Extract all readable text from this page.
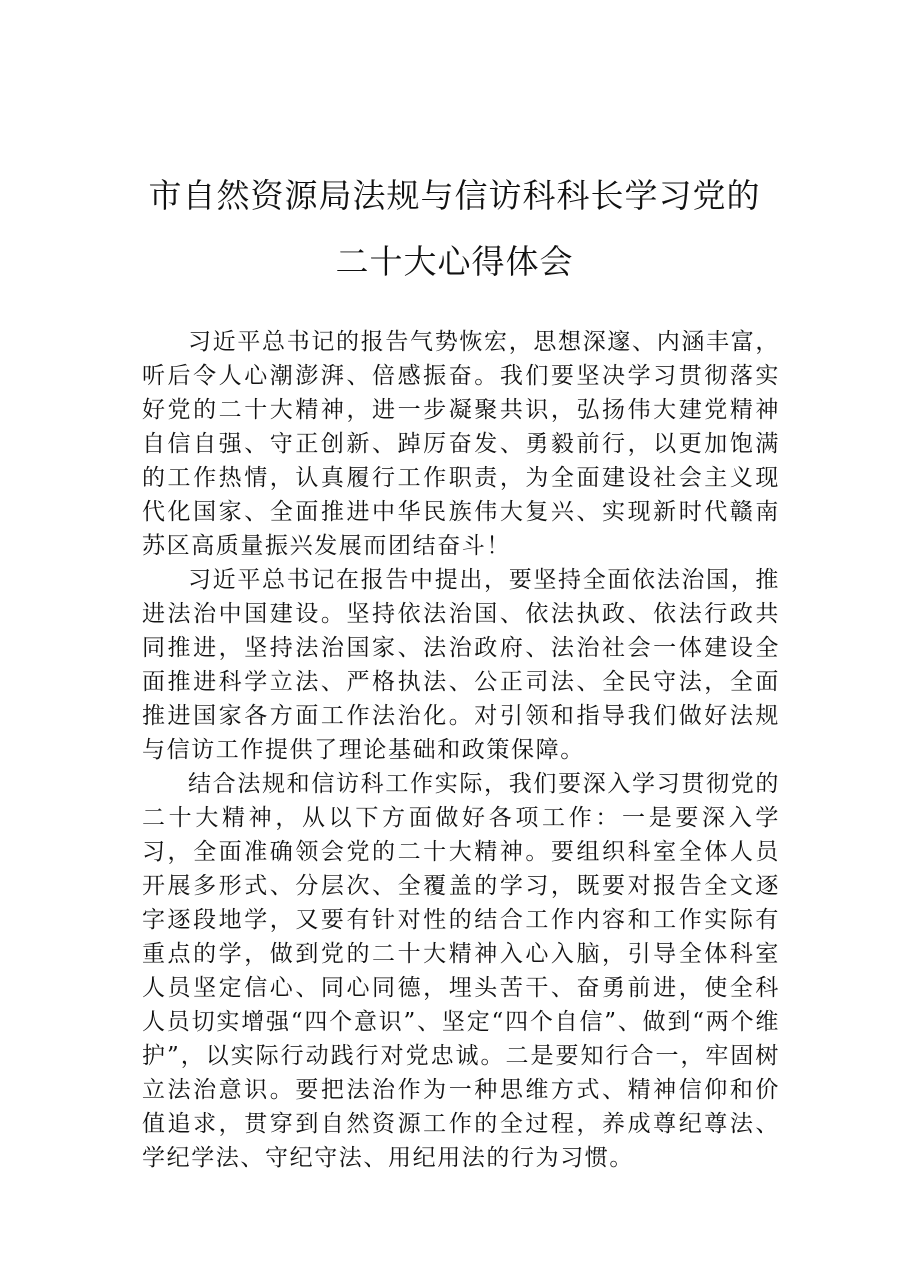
市自然资源局法规与信访科科长学习党的
二十大心得体会

习近平总书记的报告气势恢宏，思想深邃、内涵丰富，听后令人心潮澎湃、倍感振奋。我们要坚决学习贯彻落实好党的二十大精神，进一步凝聚共识，弘扬伟大建党精神自信自强、守正创新、踔厉奋发、勇毅前行，以更加饱满的工作热情，认真履行工作职责，为全面建设社会主义现代化国家、全面推进中华民族伟大复兴、实现新时代赣南苏区高质量振兴发展而团结奋斗！

习近平总书记在报告中提出，要坚持全面依法治国，推进法治中国建设。坚持依法治国、依法执政、依法行政共同推进，坚持法治国家、法治政府、法治社会一体建设全面推进科学立法、严格执法、公正司法、全民守法，全面推进国家各方面工作法治化。对引领和指导我们做好法规与信访工作提供了理论基础和政策保障。

结合法规和信访科工作实际，我们要深入学习贯彻党的二十大精神，从以下方面做好各项工作：一是要深入学习，全面准确领会党的二十大精神。要组织科室全体人员开展多形式、分层次、全覆盖的学习，既要对报告全文逐字逐段地学，又要有针对性的结合工作内容和工作实际有重点的学，做到党的二十大精神入心入脑，引导全体科室人员坚定信心、同心同德，埋头苦干、奋勇前进，使全科人员切实增强“四个意识”、坚定“四个自信”、做到“两个维护”，以实际行动践行对党忠诚。二是要知行合一，牢固树立法治意识。要把法治作为一种思维方式、精神信仰和价值追求，贯穿到自然资源工作的全过程，养成尊纪尊法、学纪学法、守纪守法、用纪用法的行为习惯。
